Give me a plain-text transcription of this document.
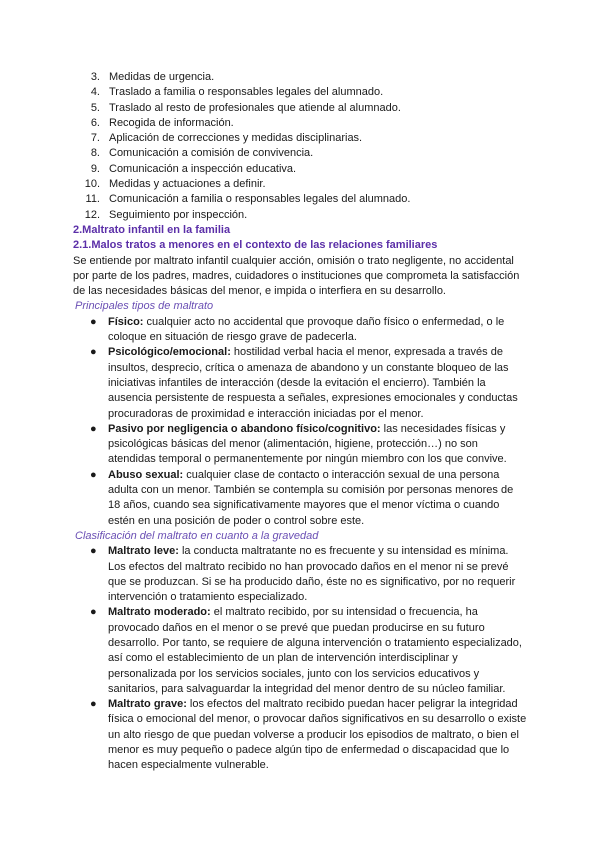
3. Medidas de urgencia.
4. Traslado a familia o responsables legales del alumnado.
5. Traslado al resto de profesionales que atiende al alumnado.
6. Recogida de información.
7. Aplicación de correcciones y medidas disciplinarias.
8. Comunicación a comisión de convivencia.
9. Comunicación a inspección educativa.
10. Medidas y actuaciones a definir.
11. Comunicación a familia o responsables legales del alumnado.
12. Seguimiento por inspección.
2.Maltrato infantil en la familia
2.1.Malos tratos a menores en el contexto de las relaciones familiares

Se entiende por maltrato infantil cualquier acción, omisión o trato negligente, no accidental por parte de los padres, madres, cuidadores o instituciones que comprometa la satisfacción de las necesidades básicas del menor, e impida o interfiera en su desarrollo.

Principales tipos de maltrato
● Físico: cualquier acto no accidental que provoque daño físico o enfermedad, o le coloque en situación de riesgo grave de padecerla.
● Psicológico/emocional: hostilidad verbal hacia el menor, expresada a través de insultos, desprecio, crítica o amenaza de abandono y un constante bloqueo de las iniciativas infantiles de interacción (desde la evitación el encierro). También la ausencia persistente de respuesta a señales, expresiones emocionales y conductas procuradoras de proximidad e interacción iniciadas por el menor.
● Pasivo por negligencia o abandono físico/cognitivo: las necesidades físicas y psicológicas básicas del menor (alimentación, higiene, protección…) no son atendidas temporal o permanentemente por ningún miembro con los que convive.
● Abuso sexual: cualquier clase de contacto o interacción sexual de una persona adulta con un menor. También se contempla su comisión por personas menores de 18 años, cuando sea significativamente mayores que el menor víctima o cuando estén en una posición de poder o control sobre este.
Clasificación del maltrato en cuanto a la gravedad
● Maltrato leve: la conducta maltratante no es frecuente y su intensidad es mínima. Los efectos del maltrato recibido no han provocado daños en el menor ni se prevé que se produzcan. Si se ha producido daño, éste no es significativo, por no requerir intervención o tratamiento especializado.
● Maltrato moderado: el maltrato recibido, por su intensidad o frecuencia, ha provocado daños en el menor o se prevé que puedan producirse en su futuro desarrollo. Por tanto, se requiere de alguna intervención o tratamiento especializado, así como el establecimiento de un plan de intervención interdisciplinar y personalizada por los servicios sociales, junto con los servicios educativos y sanitarios, para salvaguardar la integridad del menor dentro de su núcleo familiar.
● Maltrato grave: los efectos del maltrato recibido puedan hacer peligrar la integridad física o emocional del menor, o provocar daños significativos en su desarrollo o existe un alto riesgo de que puedan volverse a producir los episodios de maltrato, o bien el menor es muy pequeño o padece algún tipo de enfermedad o discapacidad que lo hacen especialmente vulnerable.
